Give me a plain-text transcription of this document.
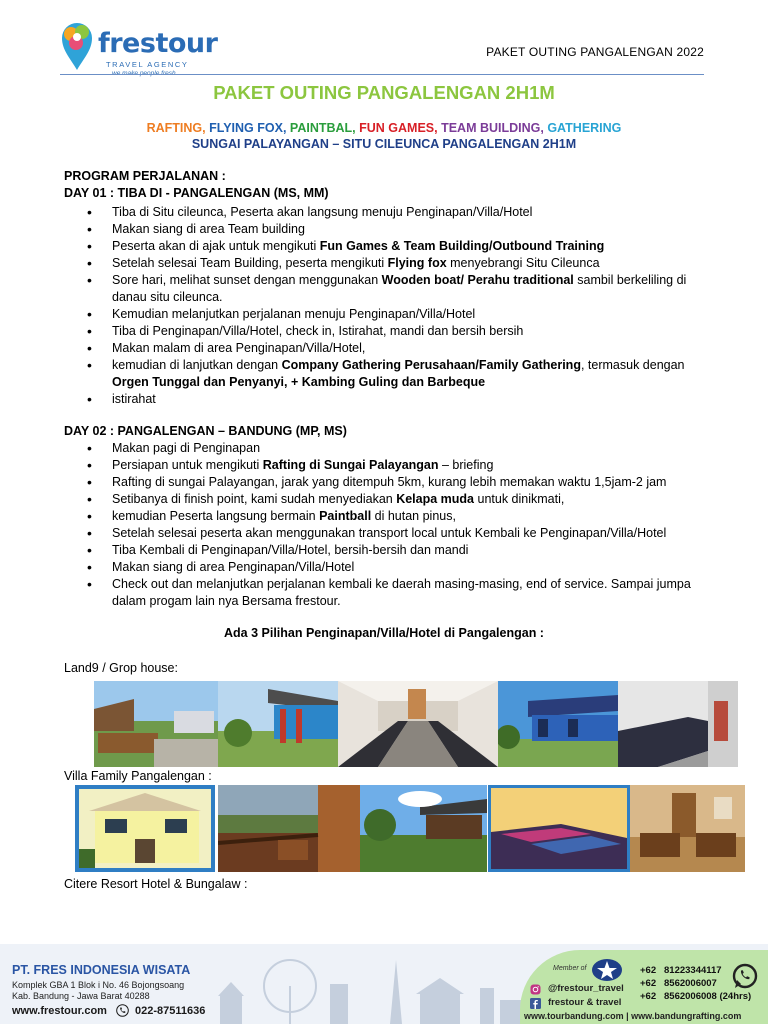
frestour
TRAVEL AGENCY
we make people fresh
PAKET OUTING PANGALENGAN 2022
PAKET OUTING PANGALENGAN 2H1M
RAFTING, FLYING FOX, PAINTBAL, FUN GAMES, TEAM BUILDING, GATHERING
SUNGAI PALAYANGAN – SITU CILEUNCA PANGALENGAN 2H1M
PROGRAM PERJALANAN :
DAY 01 : TIBA DI - PANGALENGAN (MS, MM)
• Tiba di Situ cileunca, Peserta akan langsung menuju Penginapan/Villa/Hotel
• Makan siang di area Team building
• Peserta akan di ajak untuk mengikuti Fun Games & Team Building/Outbound Training
• Setelah selesai Team Building, peserta mengikuti Flying fox menyebrangi Situ Cileunca
• Sore hari, melihat sunset dengan menggunakan Wooden boat/ Perahu traditional sambil berkeliling di danau situ cileunca.
• Kemudian melanjutkan perjalanan menuju Penginapan/Villa/Hotel
• Tiba di Penginapan/Villa/Hotel, check in, Istirahat, mandi dan bersih bersih
• Makan malam di area Penginapan/Villa/Hotel,
• kemudian di lanjutkan dengan Company Gathering Perusahaan/Family Gathering, termasuk dengan Orgen Tunggal dan Penyanyi, + Kambing Guling dan Barbeque
• istirahat
DAY 02 : PANGALENGAN – BANDUNG (MP, MS)
• Makan pagi di Penginapan
• Persiapan untuk mengikuti Rafting di Sungai Palayangan – briefing
• Rafting di sungai Palayangan, jarak yang ditempuh 5km, kurang lebih memakan waktu 1,5jam-2 jam
• Setibanya di finish point, kami sudah menyediakan Kelapa muda untuk dinikmati,
• kemudian Peserta langsung bermain Paintball di hutan pinus,
• Setelah selesai peserta akan menggunakan transport local untuk Kembali ke Penginapan/Villa/Hotel
• Tiba Kembali di Penginapan/Villa/Hotel, bersih-bersih dan mandi
• Makan siang di area Penginapan/Villa/Hotel
• Check out dan melanjutkan perjalanan kembali ke daerah masing-masing, end of service. Sampai jumpa dalam progam lain nya Bersama frestour.
Ada 3 Pilihan Penginapan/Villa/Hotel di Pangalengan :
Land9 / Grop house:
Villa Family Pangalengan :
Citere Resort Hotel & Bungalaw :
PT. FRES INDONESIA WISATA
Komplek GBA 1 Blok i No. 46 Bojongsoang
Kab. Bandung - Jawa Barat 40288
www.frestour.com	022-87511636
Member of
@frestour_travel
frestour & travel
www.tourbandung.com | www.bandungrafting.com
+62 81223344117
+62 8562006007
+62 8562006008 (24hrs)
